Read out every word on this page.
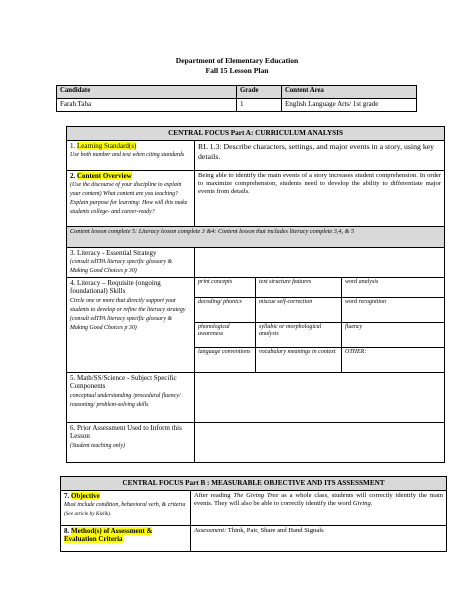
Department of Elementary Education
Fall 15 Lesson Plan
Candidate	Grade	Content Area
Farah Taha	1	English Language Arts/ 1st grade
CENTRAL FOCUS Part A: CURRICULUM ANALYSIS			
1. Learning Standard(s)
Use both number and text when citing standards	RL 1.3: Describe characters, settings, and major events in a story, using key details.		
2. Content Overview
(Use the discourse of your discipline to explain your content) What content are you teaching? Explain purpose for learning: How will this make students college- and career-ready?	Being able to identify the main events of a story increases student comprehension. In order to maximize comprehension, students need to develop the ability to differentiate major events from details.		
Content lesson complete 5: Literacy lesson complete 3 &4: Content lesson that includes literacy complete 3,4, & 5			
3. Literacy - Essential Strategy
(consult edTPA literacy specific glossary & Making Good Choices p 30)			
4. Literacy – Requisite (ongoing foundational) Skills
Circle one or more that directly support your students to develop or refine the literacy strategy
(consult edTPA literacy specific glossary & Making Good Choices p 30)	print concepts	text structure features	word analysis
	decoding/ phonics	miscue self-correction	word recognition
	phonological awareness	syllabic or morphological analysis	fluency
	language conventions	vocabulary meanings in context	OTHER:
5. Math/SS/Science - Subject Specific Components
conceptual understanding /procedural fluency/ reasoning/ problem-solving skills			
6. Prior Assessment Used to Inform this Lesson
(Student teaching only)			
CENTRAL FOCUS Part B : MEASURABLE OBJECTIVE AND ITS ASSESSMENT	
7. Objective
Must include condition, behavioral verb, & criteria (See article by Kizlik).	After reading The Giving Tree as a whole class, students will correctly identify the main events. They will also be able to correctly identify the word Giving.
8. Method(s) of Assessment &
Evaluation Criteria	Assessment: Think, Pair, Share and Hand Signals
